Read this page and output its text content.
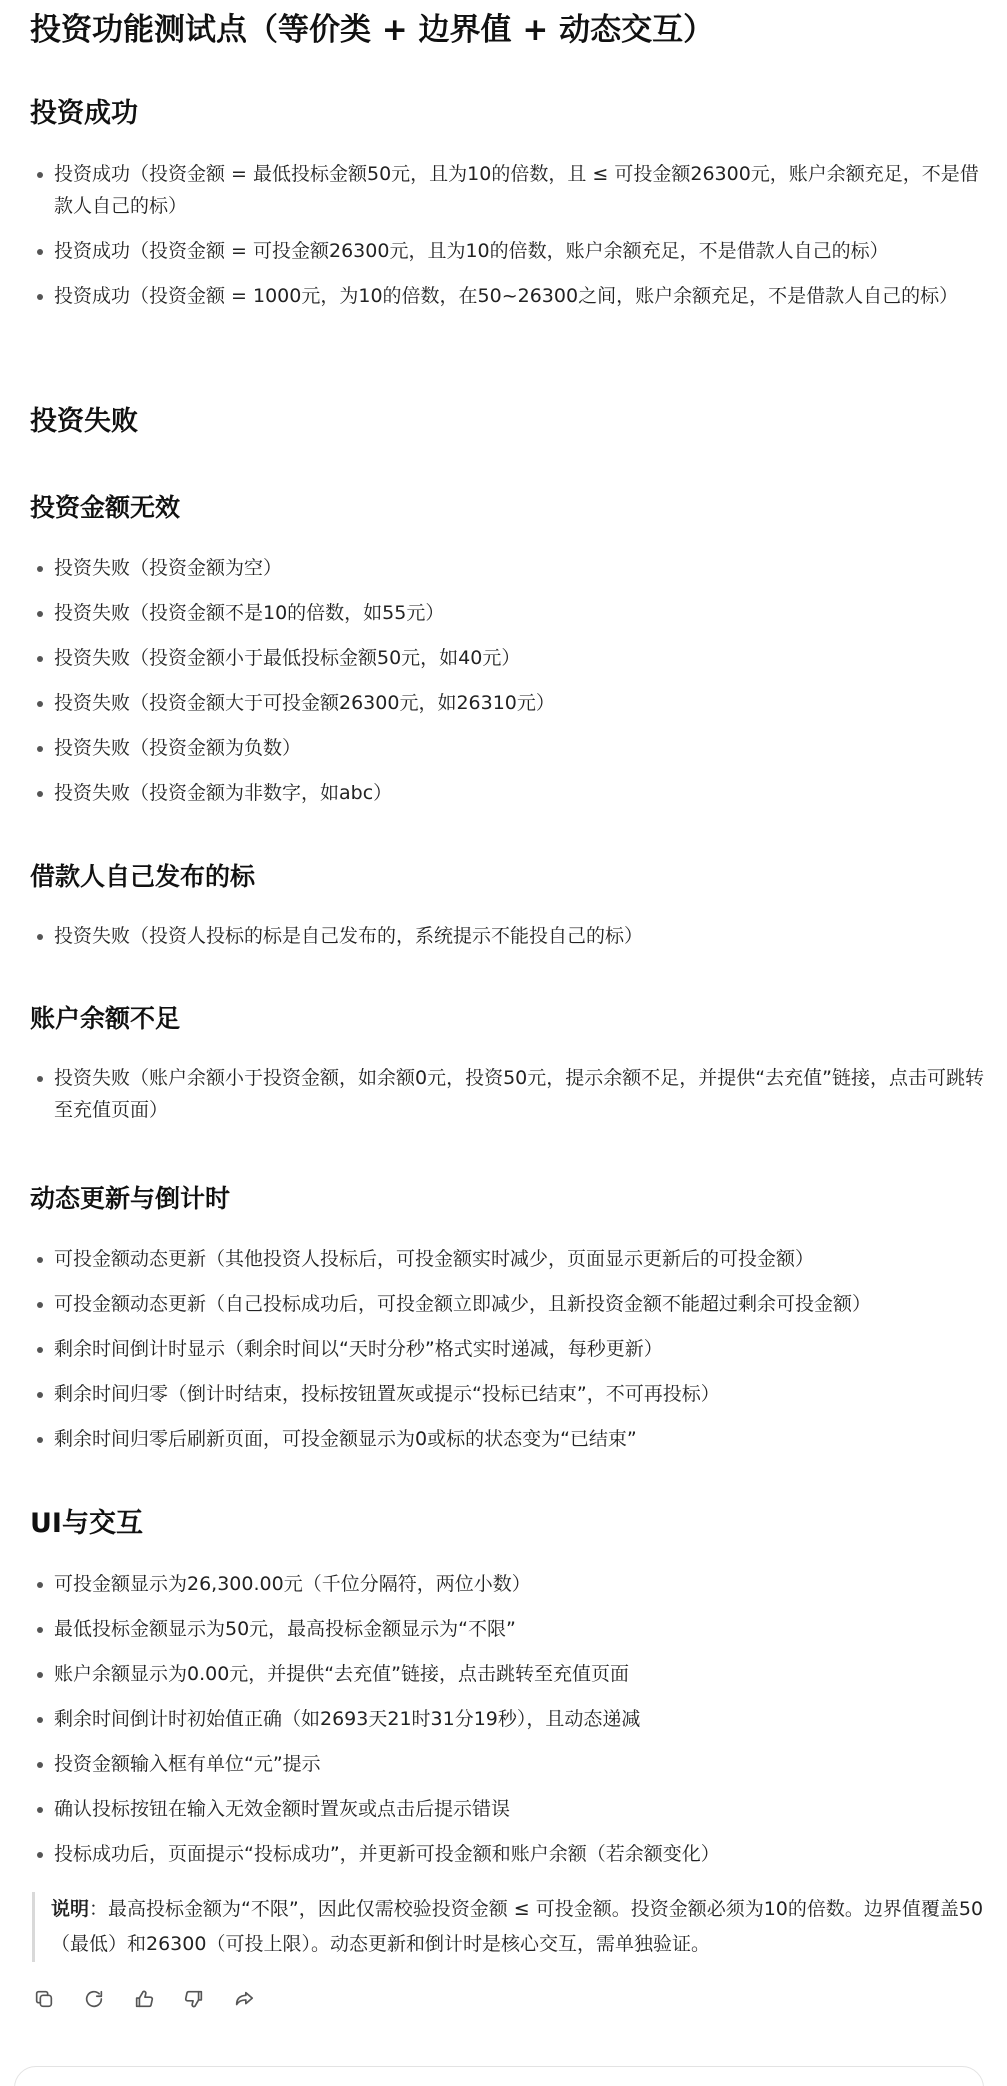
投资功能测试点（等价类 + 边界值 + 动态交互）
投资成功
投资成功（投资金额 = 最低投标金额50元，且为10的倍数，且 ≤ 可投金额26300元，账户余额充足，不是借款人自己的标）
投资成功（投资金额 = 可投金额26300元，且为10的倍数，账户余额充足，不是借款人自己的标）
投资成功（投资金额 = 1000元，为10的倍数，在50~26300之间，账户余额充足，不是借款人自己的标）
投资失败
投资金额无效
投资失败（投资金额为空）
投资失败（投资金额不是10的倍数，如55元）
投资失败（投资金额小于最低投标金额50元，如40元）
投资失败（投资金额大于可投金额26300元，如26310元）
投资失败（投资金额为负数）
投资失败（投资金额为非数字，如abc）
借款人自己发布的标
投资失败（投资人投标的标是自己发布的，系统提示不能投自己的标）
账户余额不足
投资失败（账户余额小于投资金额，如余额0元，投资50元，提示余额不足，并提供“去充值”链接，点击可跳转至充值页面）
动态更新与倒计时
可投金额动态更新（其他投资人投标后，可投金额实时减少，页面显示更新后的可投金额）
可投金额动态更新（自己投标成功后，可投金额立即减少，且新投资金额不能超过剩余可投金额）
剩余时间倒计时显示（剩余时间以“天时分秒”格式实时递减，每秒更新）
剩余时间归零（倒计时结束，投标按钮置灰或提示“投标已结束”，不可再投标）
剩余时间归零后刷新页面，可投金额显示为0或标的状态变为“已结束”
UI与交互
可投金额显示为26,300.00元（千位分隔符，两位小数）
最低投标金额显示为50元，最高投标金额显示为“不限”
账户余额显示为0.00元，并提供“去充值”链接，点击跳转至充值页面
剩余时间倒计时初始值正确（如2693天21时31分19秒），且动态递减
投资金额输入框有单位“元”提示
确认投标按钮在输入无效金额时置灰或点击后提示错误
投标成功后，页面提示“投标成功”，并更新可投金额和账户余额（若余额变化）
说明：最高投标金额为“不限”，因此仅需校验投资金额 ≤ 可投金额。投资金额必须为10的倍数。边界值覆盖50（最低）和26300（可投上限）。动态更新和倒计时是核心交互，需单独验证。
